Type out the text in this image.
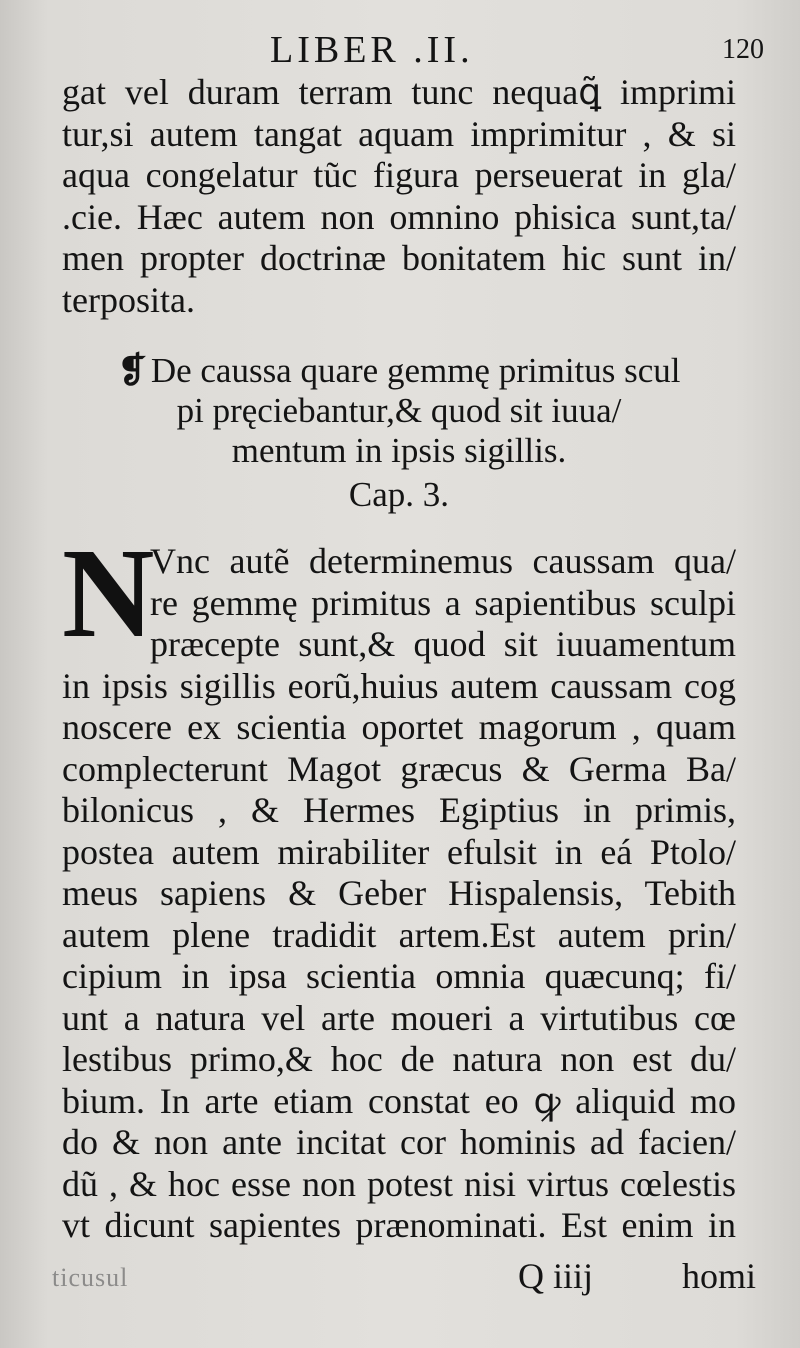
LIBER .II.	120
gat vel duram terram tunc nequaꝗ̃ imprimi
tur,si autem tangat aquam imprimitur , & si
aqua congelatur tũc figura perseuerat in gla/
.cie. Hæc autem non omnino phisica sunt,ta/
men propter doctrinæ bonitatem hic sunt in/
terposita.
❡ De caussa quare gemmę primitus scul
pi pręciebantur,& quod sit iuua/
mentum in ipsis sigillis.
Cap. 3.
N
Vnc autẽ determinemus caussam qua/
re gemmę primitus a sapientibus sculpi
præcepte sunt,& quod sit iuuamentum
in ipsis sigillis eorũ,huius autem caussam cog
noscere ex scientia oportet magorum , quam
complecterunt Magot græcus & Germa Ba/
bilonicus , & Hermes Egiptius in primis,
postea autem mirabiliter efulsit in eá Ptolo/
meus sapiens & Geber Hispalensis, Tebith
autem plene tradidit artem.Est autem prin/
cipium in ipsa scientia omnia quæcunq; fi/
unt a natura vel arte moueri a virtutibus cœ
lestibus primo,& hoc de natura non est du/
bium. In arte etiam constat eo ꝙ aliquid mo
do & non ante incitat cor hominis ad facien/
dũ , & hoc esse non potest nisi virtus cœlestis
vt dicunt sapientes prænominati. Est enim in
ticusul	Q iiij homi
